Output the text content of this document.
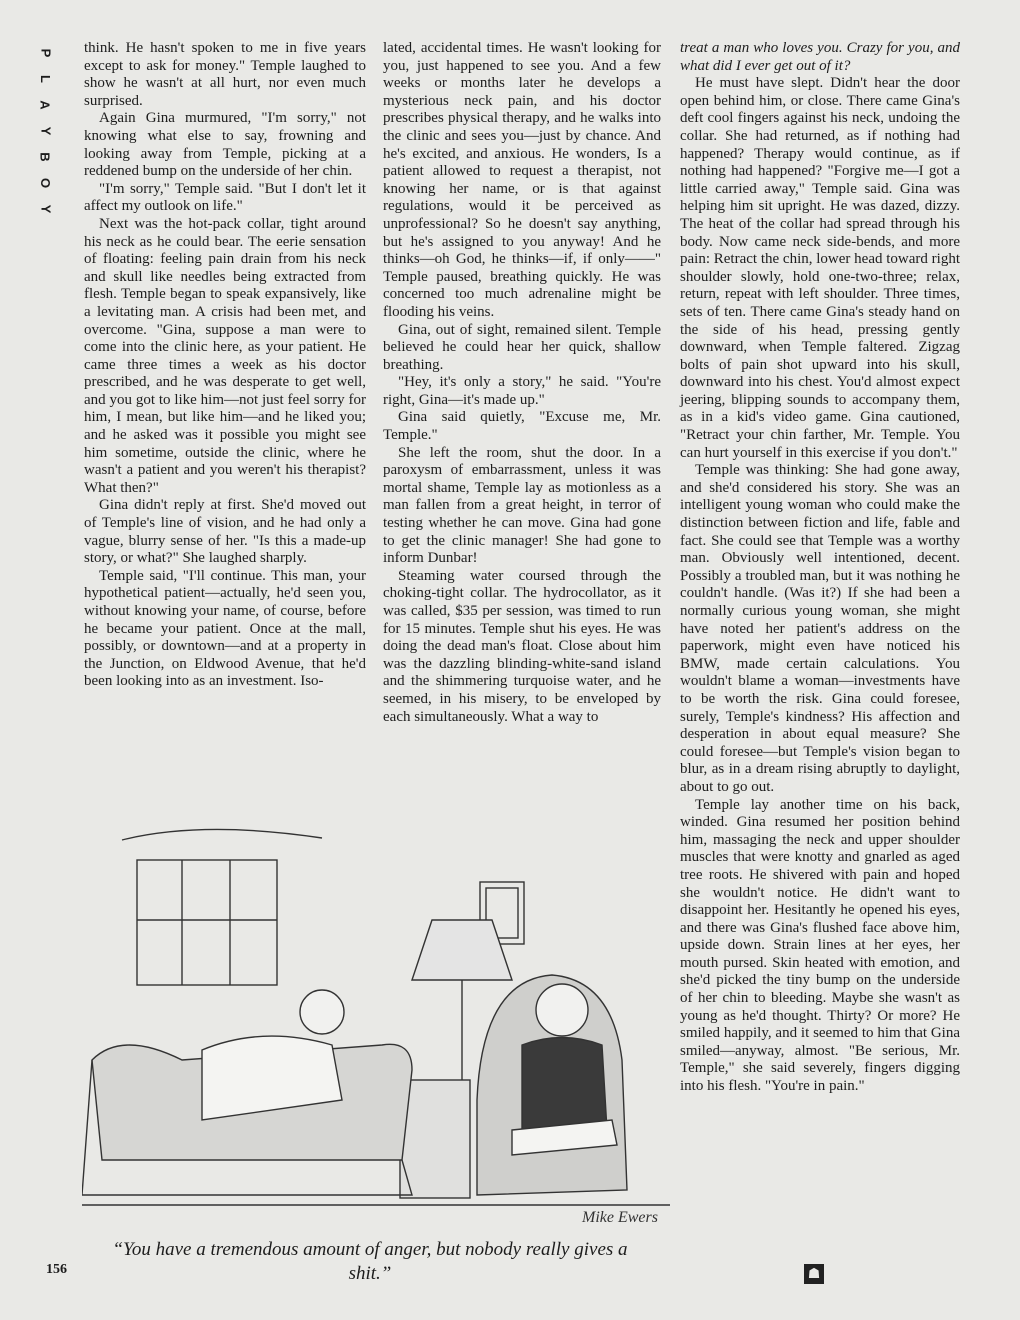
P
L
A
Y
B
O
Y

think. He hasn't spoken to me in five years except to ask for money." Temple laughed to show he wasn't at all hurt, nor even much surprised.

Again Gina murmured, "I'm sorry," not knowing what else to say, frowning and looking away from Temple, picking at a reddened bump on the underside of her chin.

"I'm sorry," Temple said. "But I don't let it affect my outlook on life."

Next was the hot-pack collar, tight around his neck as he could bear. The eerie sensation of floating: feeling pain drain from his neck and skull like needles being extracted from flesh. Temple began to speak expansively, like a levitating man. A crisis had been met, and overcome. "Gina, suppose a man were to come into the clinic here, as your patient. He came three times a week as his doctor prescribed, and he was desperate to get well, and you got to like him—not just feel sorry for him, I mean, but like him—and he liked you; and he asked was it possible you might see him sometime, outside the clinic, where he wasn't a patient and you weren't his therapist? What then?"

Gina didn't reply at first. She'd moved out of Temple's line of vision, and he had only a vague, blurry sense of her. "Is this a made-up story, or what?" She laughed sharply.

Temple said, "I'll continue. This man, your hypothetical patient—actually, he'd seen you, without knowing your name, of course, before he became your patient. Once at the mall, possibly, or downtown—and at a property in the Junction, on Eldwood Avenue, that he'd been looking into as an investment. Iso-

lated, accidental times. He wasn't looking for you, just happened to see you. And a few weeks or months later he develops a mysterious neck pain, and his doctor prescribes physical therapy, and he walks into the clinic and sees you—just by chance. And he's excited, and anxious. He wonders, Is a patient allowed to request a therapist, not knowing her name, or is that against regulations, would it be perceived as unprofessional? So he doesn't say anything, but he's assigned to you anyway! And he thinks—oh God, he thinks—if, if only——" Temple paused, breathing quickly. He was concerned too much adrenaline might be flooding his veins.

Gina, out of sight, remained silent. Temple believed he could hear her quick, shallow breathing.

"Hey, it's only a story," he said. "You're right, Gina—it's made up."

Gina said quietly, "Excuse me, Mr. Temple."

She left the room, shut the door. In a paroxysm of embarrassment, unless it was mortal shame, Temple lay as motionless as a man fallen from a great height, in terror of testing whether he can move. Gina had gone to get the clinic manager! She had gone to inform Dunbar!

Steaming water coursed through the choking-tight collar. The hydrocollator, as it was called, $35 per session, was timed to run for 15 minutes. Temple shut his eyes. He was doing the dead man's float. Close about him was the dazzling blinding-white-sand island and the shimmering turquoise water, and he seemed, in his misery, to be enveloped by each simultaneously. What a way to

treat a man who loves you. Crazy for you, and what did I ever get out of it?

He must have slept. Didn't hear the door open behind him, or close. There came Gina's deft cool fingers against his neck, undoing the collar. She had returned, as if nothing had happened? Therapy would continue, as if nothing had happened? "Forgive me—I got a little carried away," Temple said. Gina was helping him sit upright. He was dazed, dizzy. The heat of the collar had spread through his body. Now came neck side-bends, and more pain: Retract the chin, lower head toward right shoulder slowly, hold one-two-three; relax, return, repeat with left shoulder. Three times, sets of ten. There came Gina's steady hand on the side of his head, pressing gently downward, when Temple faltered. Zigzag bolts of pain shot upward into his skull, downward into his chest. You'd almost expect jeering, blipping sounds to accompany them, as in a kid's video game. Gina cautioned, "Retract your chin farther, Mr. Temple. You can hurt yourself in this exercise if you don't."

Temple was thinking: She had gone away, and she'd considered his story. She was an intelligent young woman who could make the distinction between fiction and life, fable and fact. She could see that Temple was a worthy man. Obviously well intentioned, decent. Possibly a troubled man, but it was nothing he couldn't handle. (Was it?) If she had been a normally curious young woman, she might have noted her patient's address on the paperwork, might even have noticed his BMW, made certain calculations. You wouldn't blame a woman—investments have to be worth the risk. Gina could foresee, surely, Temple's kindness? His affection and desperation in about equal measure? She could foresee—but Temple's vision began to blur, as in a dream rising abruptly to daylight, about to go out.

Temple lay another time on his back, winded. Gina resumed her position behind him, massaging the neck and upper shoulder muscles that were knotty and gnarled as aged tree roots. He shivered with pain and hoped she wouldn't notice. He didn't want to disappoint her. Hesitantly he opened his eyes, and there was Gina's flushed face above him, upside down. Strain lines at her eyes, her mouth pursed. Skin heated with emotion, and she'd picked the tiny bump on the underside of her chin to bleeding. Maybe she wasn't as young as he'd thought. Thirty? Or more? He smiled happily, and it seemed to him that Gina smiled—anyway, almost. "Be serious, Mr. Temple," she said severely, fingers digging into his flesh. "You're in pain."

Mike Ewers
“You have a tremendous amount of anger, but nobody really gives a shit.”
156	☗
